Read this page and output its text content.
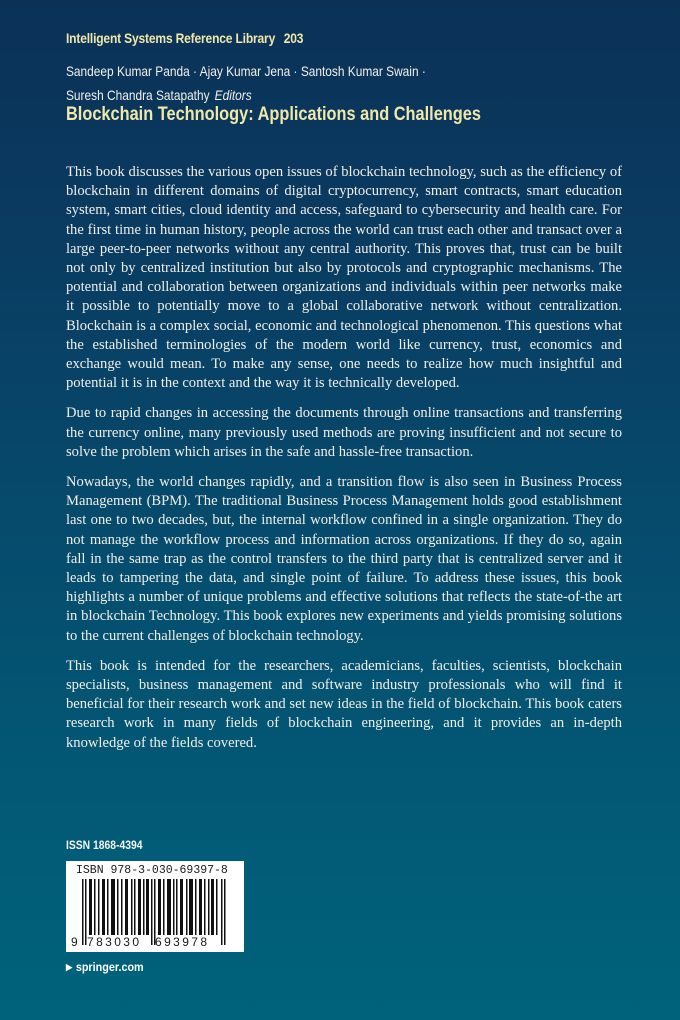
Intelligent Systems Reference Library 203
Sandeep Kumar Panda · Ajay Kumar Jena · Santosh Kumar Swain ·
Suresh Chandra Satapathy Editors
Blockchain Technology: Applications and Challenges

This book discusses the various open issues of blockchain technology, such as the efficiency of blockchain in different domains of digital cryptocurrency, smart contracts, smart education system, smart cities, cloud identity and access, safeguard to cybersecurity and health care. For the first time in human history, people across the world can trust each other and transact over a large peer-to-peer networks without any central authority. This proves that, trust can be built not only by centralized institution but also by protocols and cryptographic mechanisms. The potential and collaboration between organizations and individuals within peer networks make it possible to potentially move to a global collaborative network without centralization. Blockchain is a complex social, economic and technological phenomenon. This questions what the established terminologies of the modern world like currency, trust, economics and exchange would mean. To make any sense, one needs to realize how much insightful and potential it is in the context and the way it is technically developed.

Due to rapid changes in accessing the documents through online transactions and transferring the currency online, many previously used methods are proving insufficient and not secure to solve the problem which arises in the safe and hassle-free transaction.

Nowadays, the world changes rapidly, and a transition flow is also seen in Business Process Management (BPM). The traditional Business Process Management holds good establishment last one to two decades, but, the internal workflow confined in a single organization. They do not manage the workflow process and information across organizations. If they do so, again fall in the same trap as the control transfers to the third party that is centralized server and it leads to tampering the data, and single point of failure. To address these issues, this book highlights a number of unique problems and effective solutions that reflects the state-of-the art in blockchain Technology. This book explores new experiments and yields promising solutions to the current challenges of blockchain technology.

This book is intended for the researchers, academicians, faculties, scientists, blockchain specialists, business management and software industry professionals who will find it beneficial for their research work and set new ideas in the field of blockchain. This book caters research work in many fields of blockchain engineering, and it provides an in-depth knowledge of the fields covered.

ISSN 1868-4394
ISBN 978-3-030-69397-8
9 783030 693978
▶ springer.com
